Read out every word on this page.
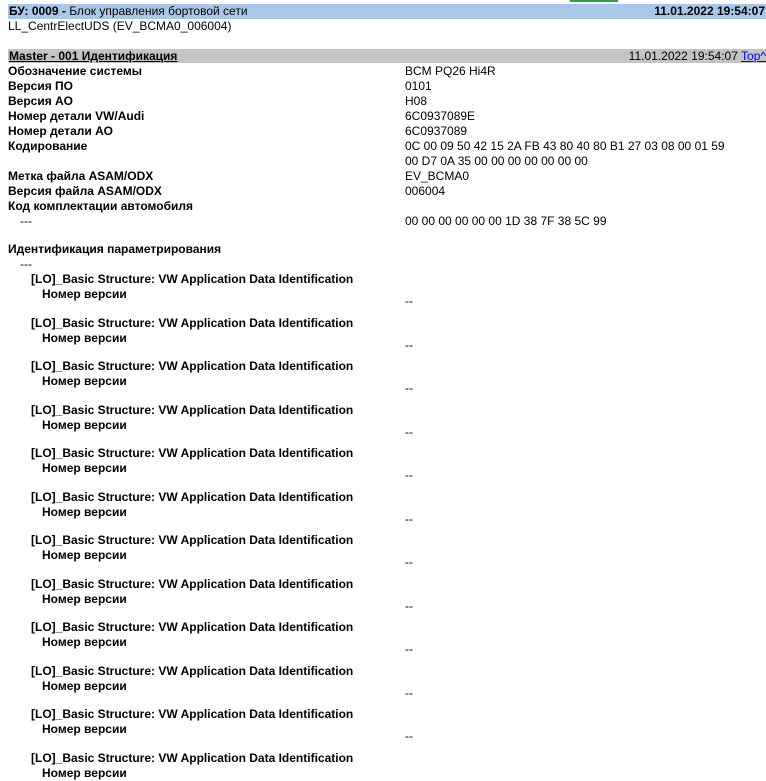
БУ: 0009 - Блок управления бортовой сети	11.01.2022 19:54:07
LL_CentrElectUDS (EV_BCMA0_006004)
Master - 001 Идентификация	11.01.2022 19:54:07 Top^
Обозначение системы	BCM PQ26 Hi4R
Версия ПО	0101
Версия АО	H08
Номер детали VW/Audi	6C0937089E
Номер детали АО	6C0937089
Кодирование	0C 00 09 50 42 15 2A FB 43 80 40 80 B1 27 03 08 00 01 59
00 D7 0A 35 00 00 00 00 00 00 00
Метка файла ASAM/ODX	EV_BCMA0
Версия файла ASAM/ODX	006004
Код комплектации автомобиля
---	00 00 00 00 00 00 1D 38 7F 38 5C 99
Идентификация параметрирования
---
[LO]_Basic Structure: VW Application Data Identification
Номер версии	--
[LO]_Basic Structure: VW Application Data Identification
Номер версии	--
[LO]_Basic Structure: VW Application Data Identification
Номер версии	--
[LO]_Basic Structure: VW Application Data Identification
Номер версии	--
[LO]_Basic Structure: VW Application Data Identification
Номер версии	--
[LO]_Basic Structure: VW Application Data Identification
Номер версии	--
[LO]_Basic Structure: VW Application Data Identification
Номер версии	--
[LO]_Basic Structure: VW Application Data Identification
Номер версии	--
[LO]_Basic Structure: VW Application Data Identification
Номер версии	--
[LO]_Basic Structure: VW Application Data Identification
Номер версии	--
[LO]_Basic Structure: VW Application Data Identification
Номер версии	--
[LO]_Basic Structure: VW Application Data Identification
Номер версии
